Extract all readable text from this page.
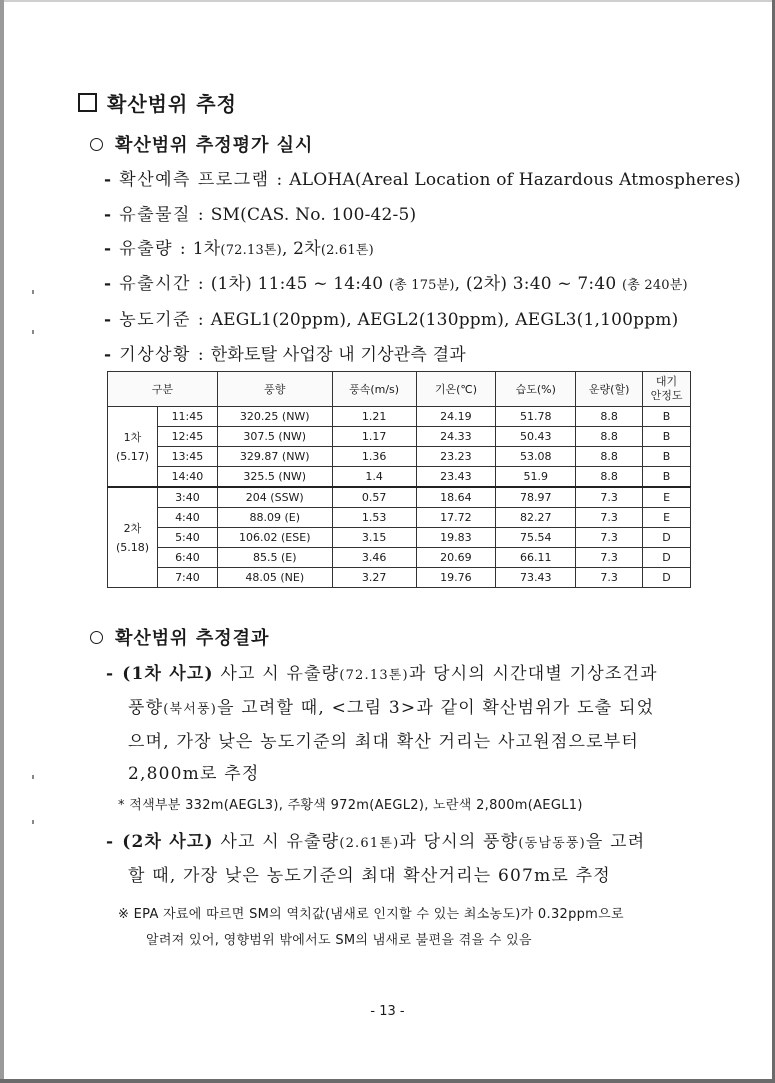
확산범위 추정
확산범위 추정평가 실시
- 확산예측 프로그램 : ALOHA(Areal Location of Hazardous Atmospheres)
- 유출물질 : SM(CAS. No. 100-42-5)
- 유출량 : 1차(72.13톤), 2차(2.61톤)
- 유출시간 : (1차) 11:45 ~ 14:40 (총 175분), (2차) 3:40 ~ 7:40 (총 240분)
- 농도기준 : AEGL1(20ppm), AEGL2(130ppm), AEGL3(1,100ppm)
- 기상상황 : 한화토탈 사업장 내 기상관측 결과
구분		풍향	풍속(m/s)	기온(℃)	습도(%)	운량(할)	대기
안정도
1차
(5.17)	11:45	320.25 (NW)	1.21	24.19	51.78	8.8	B
	12:45	307.5 (NW)	1.17	24.33	50.43	8.8	B
	13:45	329.87 (NW)	1.36	23.23	53.08	8.8	B
	14:40	325.5 (NW)	1.4	23.43	51.9	8.8	B
2차
(5.18)	3:40	204 (SSW)	0.57	18.64	78.97	7.3	E
	4:40	88.09 (E)	1.53	17.72	82.27	7.3	E
	5:40	106.02 (ESE)	3.15	19.83	75.54	7.3	D
	6:40	85.5 (E)	3.46	20.69	66.11	7.3	D
	7:40	48.05 (NE)	3.27	19.76	73.43	7.3	D
확산범위 추정결과
- (1차 사고) 사고 시 유출량(72.13톤)과 당시의 시간대별 기상조건과
풍향(북서풍)을 고려할 때, <그림 3>과 같이 확산범위가 도출 되었
으며, 가장 낮은 농도기준의 최대 확산 거리는 사고원점으로부터
2,800m로 추정
* 적색부분 332m(AEGL3), 주황색 972m(AEGL2), 노란색 2,800m(AEGL1)
- (2차 사고) 사고 시 유출량(2.61톤)과 당시의 풍향(동남동풍)을 고려
할 때, 가장 낮은 농도기준의 최대 확산거리는 607m로 추정
※ EPA 자료에 따르면 SM의 역치값(냄새로 인지할 수 있는 최소농도)가 0.32ppm으로
알려져 있어, 영향범위 밖에서도 SM의 냄새로 불편을 겪을 수 있음
- 13 -
